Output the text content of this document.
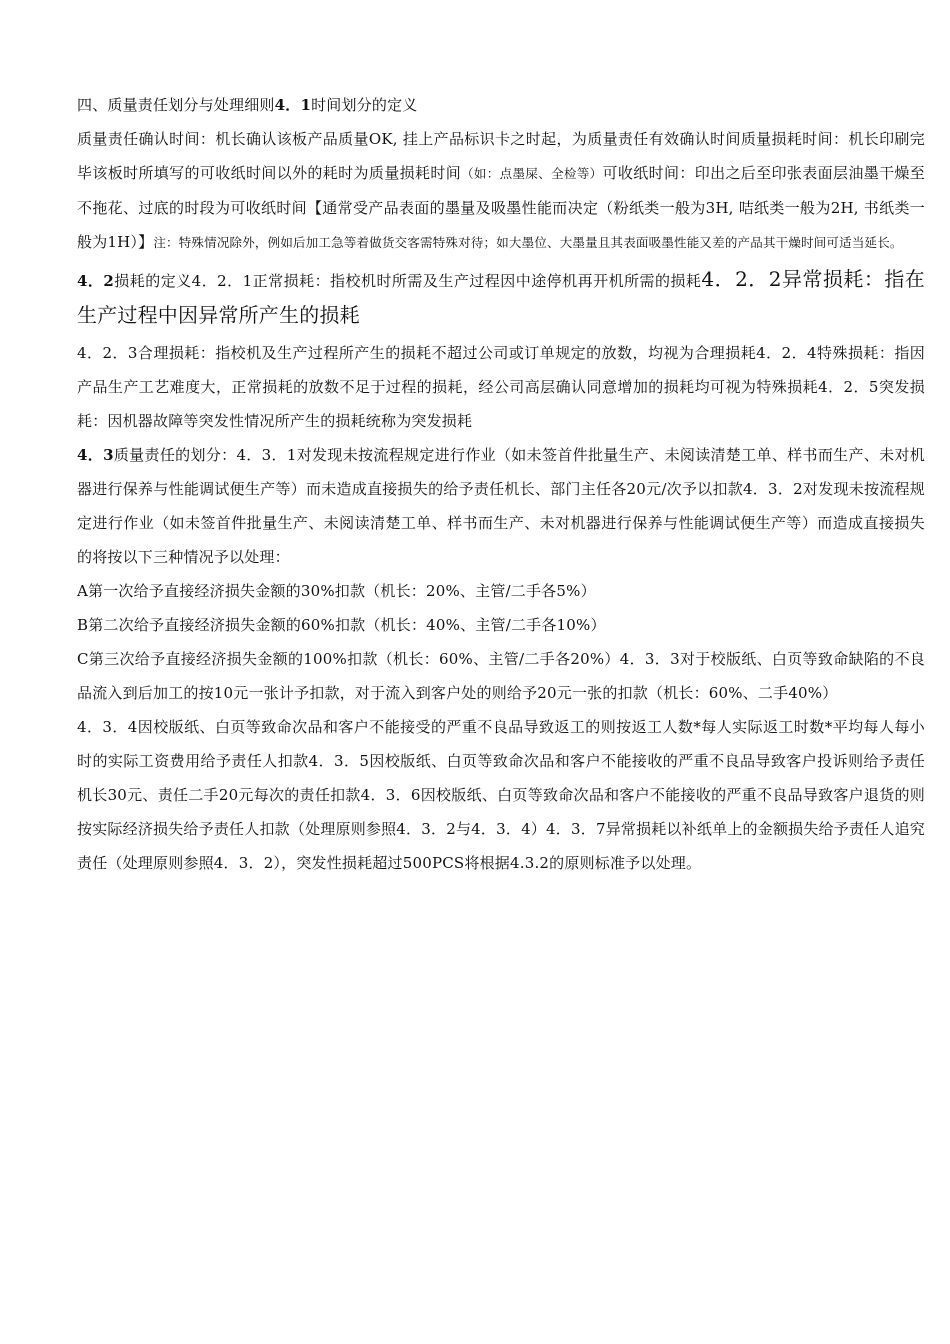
四、质量责任划分与处理细则4．1时间划分的定义

质量责任确认时间：机长确认该板产品质量OK, 挂上产品标识卡之时起，为质量责任有效确认时间质量损耗时间：机长印刷完毕该板时所填写的可收纸时间以外的耗时为质量损耗时间（如：点墨屎、全检等）可收纸时间：印出之后至印张表面层油墨干燥至不拖花、过底的时段为可收纸时间【通常受产品表面的墨量及吸墨性能而决定（粉纸类一般为3H, 咭纸类一般为2H, 书纸类一般为1H）】注：特殊情况除外，例如后加工急等着做货交客需特殊对待；如大墨位、大墨量且其表面吸墨性能又差的产品其干燥时间可适当延长。

4．2损耗的定义4．2．1正常损耗：指校机时所需及生产过程因中途停机再开机所需的损耗4．2．2异常损耗：指在生产过程中因异常所产生的损耗

4．2．3合理损耗：指校机及生产过程所产生的损耗不超过公司或订单规定的放数，均视为合理损耗4．2．4特殊损耗：指因产品生产工艺难度大，正常损耗的放数不足于过程的损耗，经公司高层确认同意增加的损耗均可视为特殊损耗4．2．5突发损耗：因机器故障等突发性情况所产生的损耗统称为突发损耗

4．3质量责任的划分：4．3．1对发现未按流程规定进行作业（如未签首件批量生产、未阅读清楚工单、样书而生产、未对机器进行保养与性能调试便生产等）而未造成直接损失的给予责任机长、部门主任各20元/次予以扣款4．3．2对发现未按流程规定进行作业（如未签首件批量生产、未阅读清楚工单、样书而生产、未对机器进行保养与性能调试便生产等）而造成直接损失的将按以下三种情况予以处理：

A第一次给予直接经济损失金额的30%扣款（机长：20%、主管/二手各5%）

B第二次给予直接经济损失金额的60%扣款（机长：40%、主管/二手各10%）

C第三次给予直接经济损失金额的100%扣款（机长：60%、主管/二手各20%）4．3．3对于校版纸、白页等致命缺陷的不良品流入到后加工的按10元一张计予扣款，对于流入到客户处的则给予20元一张的扣款（机长：60%、二手40%）

4．3．4因校版纸、白页等致命次品和客户不能接受的严重不良品导致返工的则按返工人数*每人实际返工时数*平均每人每小时的实际工资费用给予责任人扣款4．3．5因校版纸、白页等致命次品和客户不能接收的严重不良品导致客户投诉则给予责任机长30元、责任二手20元每次的责任扣款4．3．6因校版纸、白页等致命次品和客户不能接收的严重不良品导致客户退货的则按实际经济损失给予责任人扣款（处理原则参照4．3．2与4．3．4）4．3．7异常损耗以补纸单上的金额损失给予责任人追究责任（处理原则参照4．3．2），突发性损耗超过500PCS将根据4.3.2的原则标准予以处理。
